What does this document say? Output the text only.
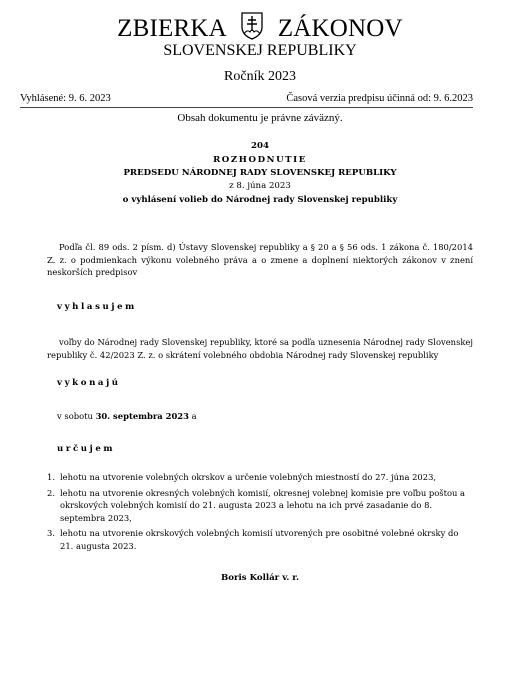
ZBIERKA ZÁKONOV
SLOVENSKEJ REPUBLIKY
Ročník 2023
Vyhlásené: 9. 6. 2023	Časová verzia predpisu účinná od: 9. 6.2023
Obsah dokumentu je právne záväzný.
204
ROZHODNUTIE
PREDSEDU NÁRODNEJ RADY SLOVENSKEJ REPUBLIKY
z 8. júna 2023
o vyhlásení volieb do Národnej rady Slovenskej republiky
Podľa čl. 89 ods. 2 písm. d) Ústavy Slovenskej republiky a § 20 a § 56 ods. 1 zákona č. 180/2014 Z. z. o podmienkach výkonu volebného práva a o zmene a doplnení niektorých zákonov v znení neskorších predpisov
vyhlasujem
voľby do Národnej rady Slovenskej republiky, ktoré sa podľa uznesenia Národnej rady Slovenskej republiky č. 42/2023 Z. z. o skrátení volebného obdobia Národnej rady Slovenskej republiky
vykonajú
v sobotu 30. septembra 2023 a
určujem
1. lehotu na utvorenie volebných okrskov a určenie volebných miestností do 27. júna 2023,
2. lehotu na utvorenie okresných volebných komisií, okresnej volebnej komisie pre voľbu poštou a okrskových volebných komisií do 21. augusta 2023 a lehotu na ich prvé zasadanie do 8. septembra 2023,
3. lehotu na utvorenie okrskových volebných komisií utvorených pre osobitné volebné okrsky do 21. augusta 2023.
Boris Kollár v. r.
